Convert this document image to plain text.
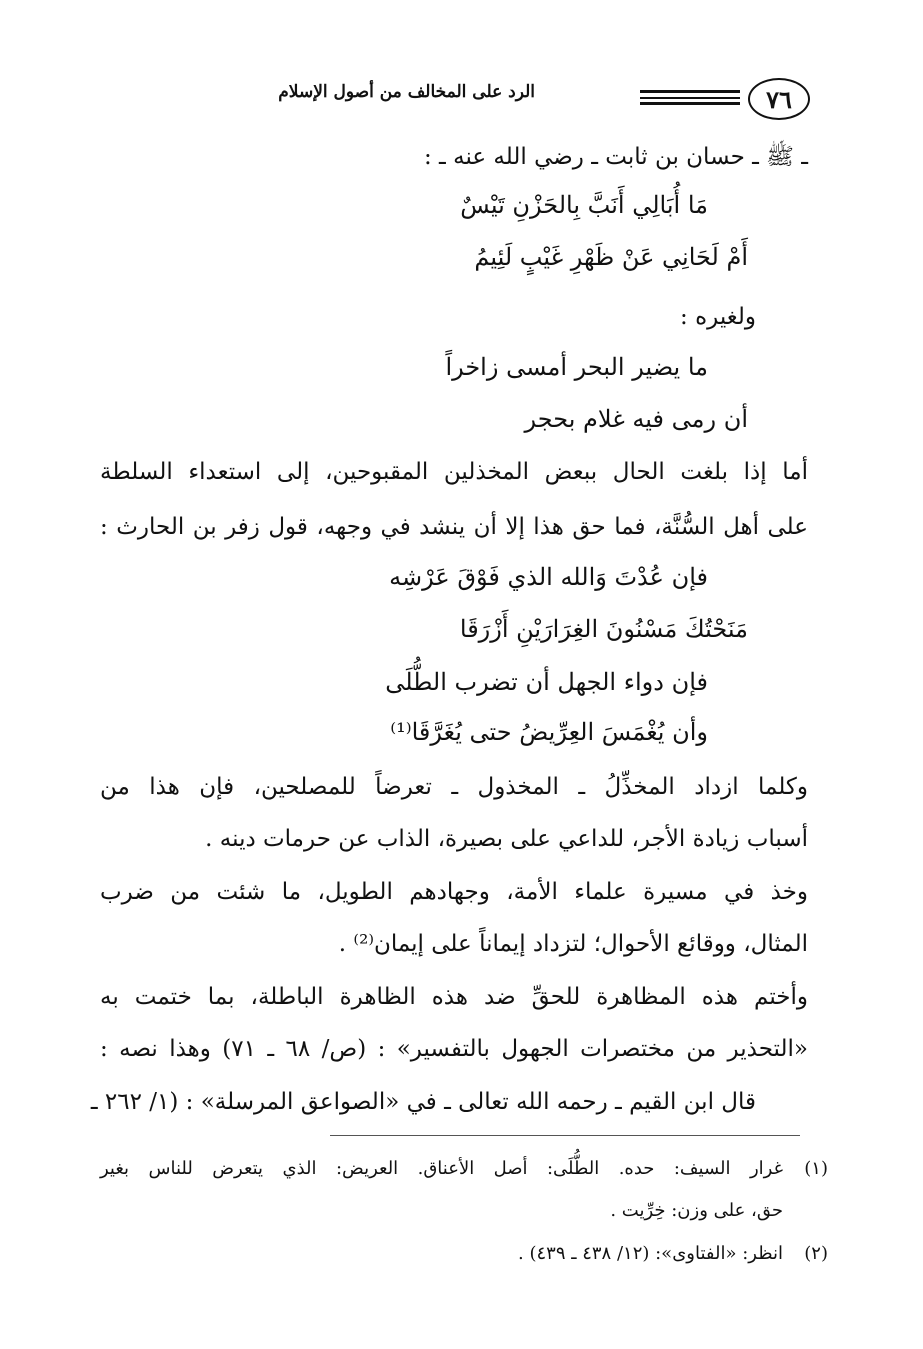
٧٦
الرد على المخالف من أصول الإسلام
ـ ﷺ ـ حسان بن ثابت ـ رضي الله عنه ـ :
مَا أُبَالِي أَنَبَّ بِالحَزْنِ تَيْسٌ
أَمْ لَحَانِي عَنْ ظَهْرِ غَيْبٍ لَئِيمُ
ولغيره :
ما يضير البحر أمسى زاخراً
أن رمى فيه غلام بحجر
أما إذا بلغت الحال ببعض المخذلين المقبوحين، إلى استعداء السلطة
على أهل السُّنَّة، فما حق هذا إلا أن ينشد في وجهه، قول زفر بن الحارث :
فإن عُدْتَ وَالله الذي فَوْقَ عَرْشِه
مَنَحْتُكَ مَسْنُونَ الغِرَارَيْنِ أَزْرَقَا
فإن دواء الجهل أن تضرب الطُّلَى
وأن يُغْمَسَ العِرِّيضُ حتى يُغَرَّقَا⁽¹⁾
وكلما ازداد المخذِّلُ ـ المخذول ـ تعرضاً للمصلحين، فإن هذا من
أسباب زيادة الأجر، للداعي على بصيرة، الذاب عن حرمات دينه .
وخذ في مسيرة علماء الأمة، وجهادهم الطويل، ما شئت من ضرب
المثال، ووقائع الأحوال؛ لتزداد إيماناً على إيمان⁽²⁾ .
وأختم هذه المظاهرة للحقِّ ضد هذه الظاهرة الباطلة، بما ختمت به
«التحذير من مختصرات الجهول بالتفسير» : (ص/ ٦٨ ـ ٧١) وهذا نصه :
قال ابن القيم ـ رحمه الله تعالى ـ في «الصواعق المرسلة» : (١/ ٢٦٢ ـ
(١)
غرار السيف: حده. الطُّلَى: أصل الأعناق. العريض: الذي يتعرض للناس بغير
حق، على وزن: خِرِّيت .
(٢)
انظر: «الفتاوى»: (١٢/ ٤٣٨ ـ ٤٣٩) .
